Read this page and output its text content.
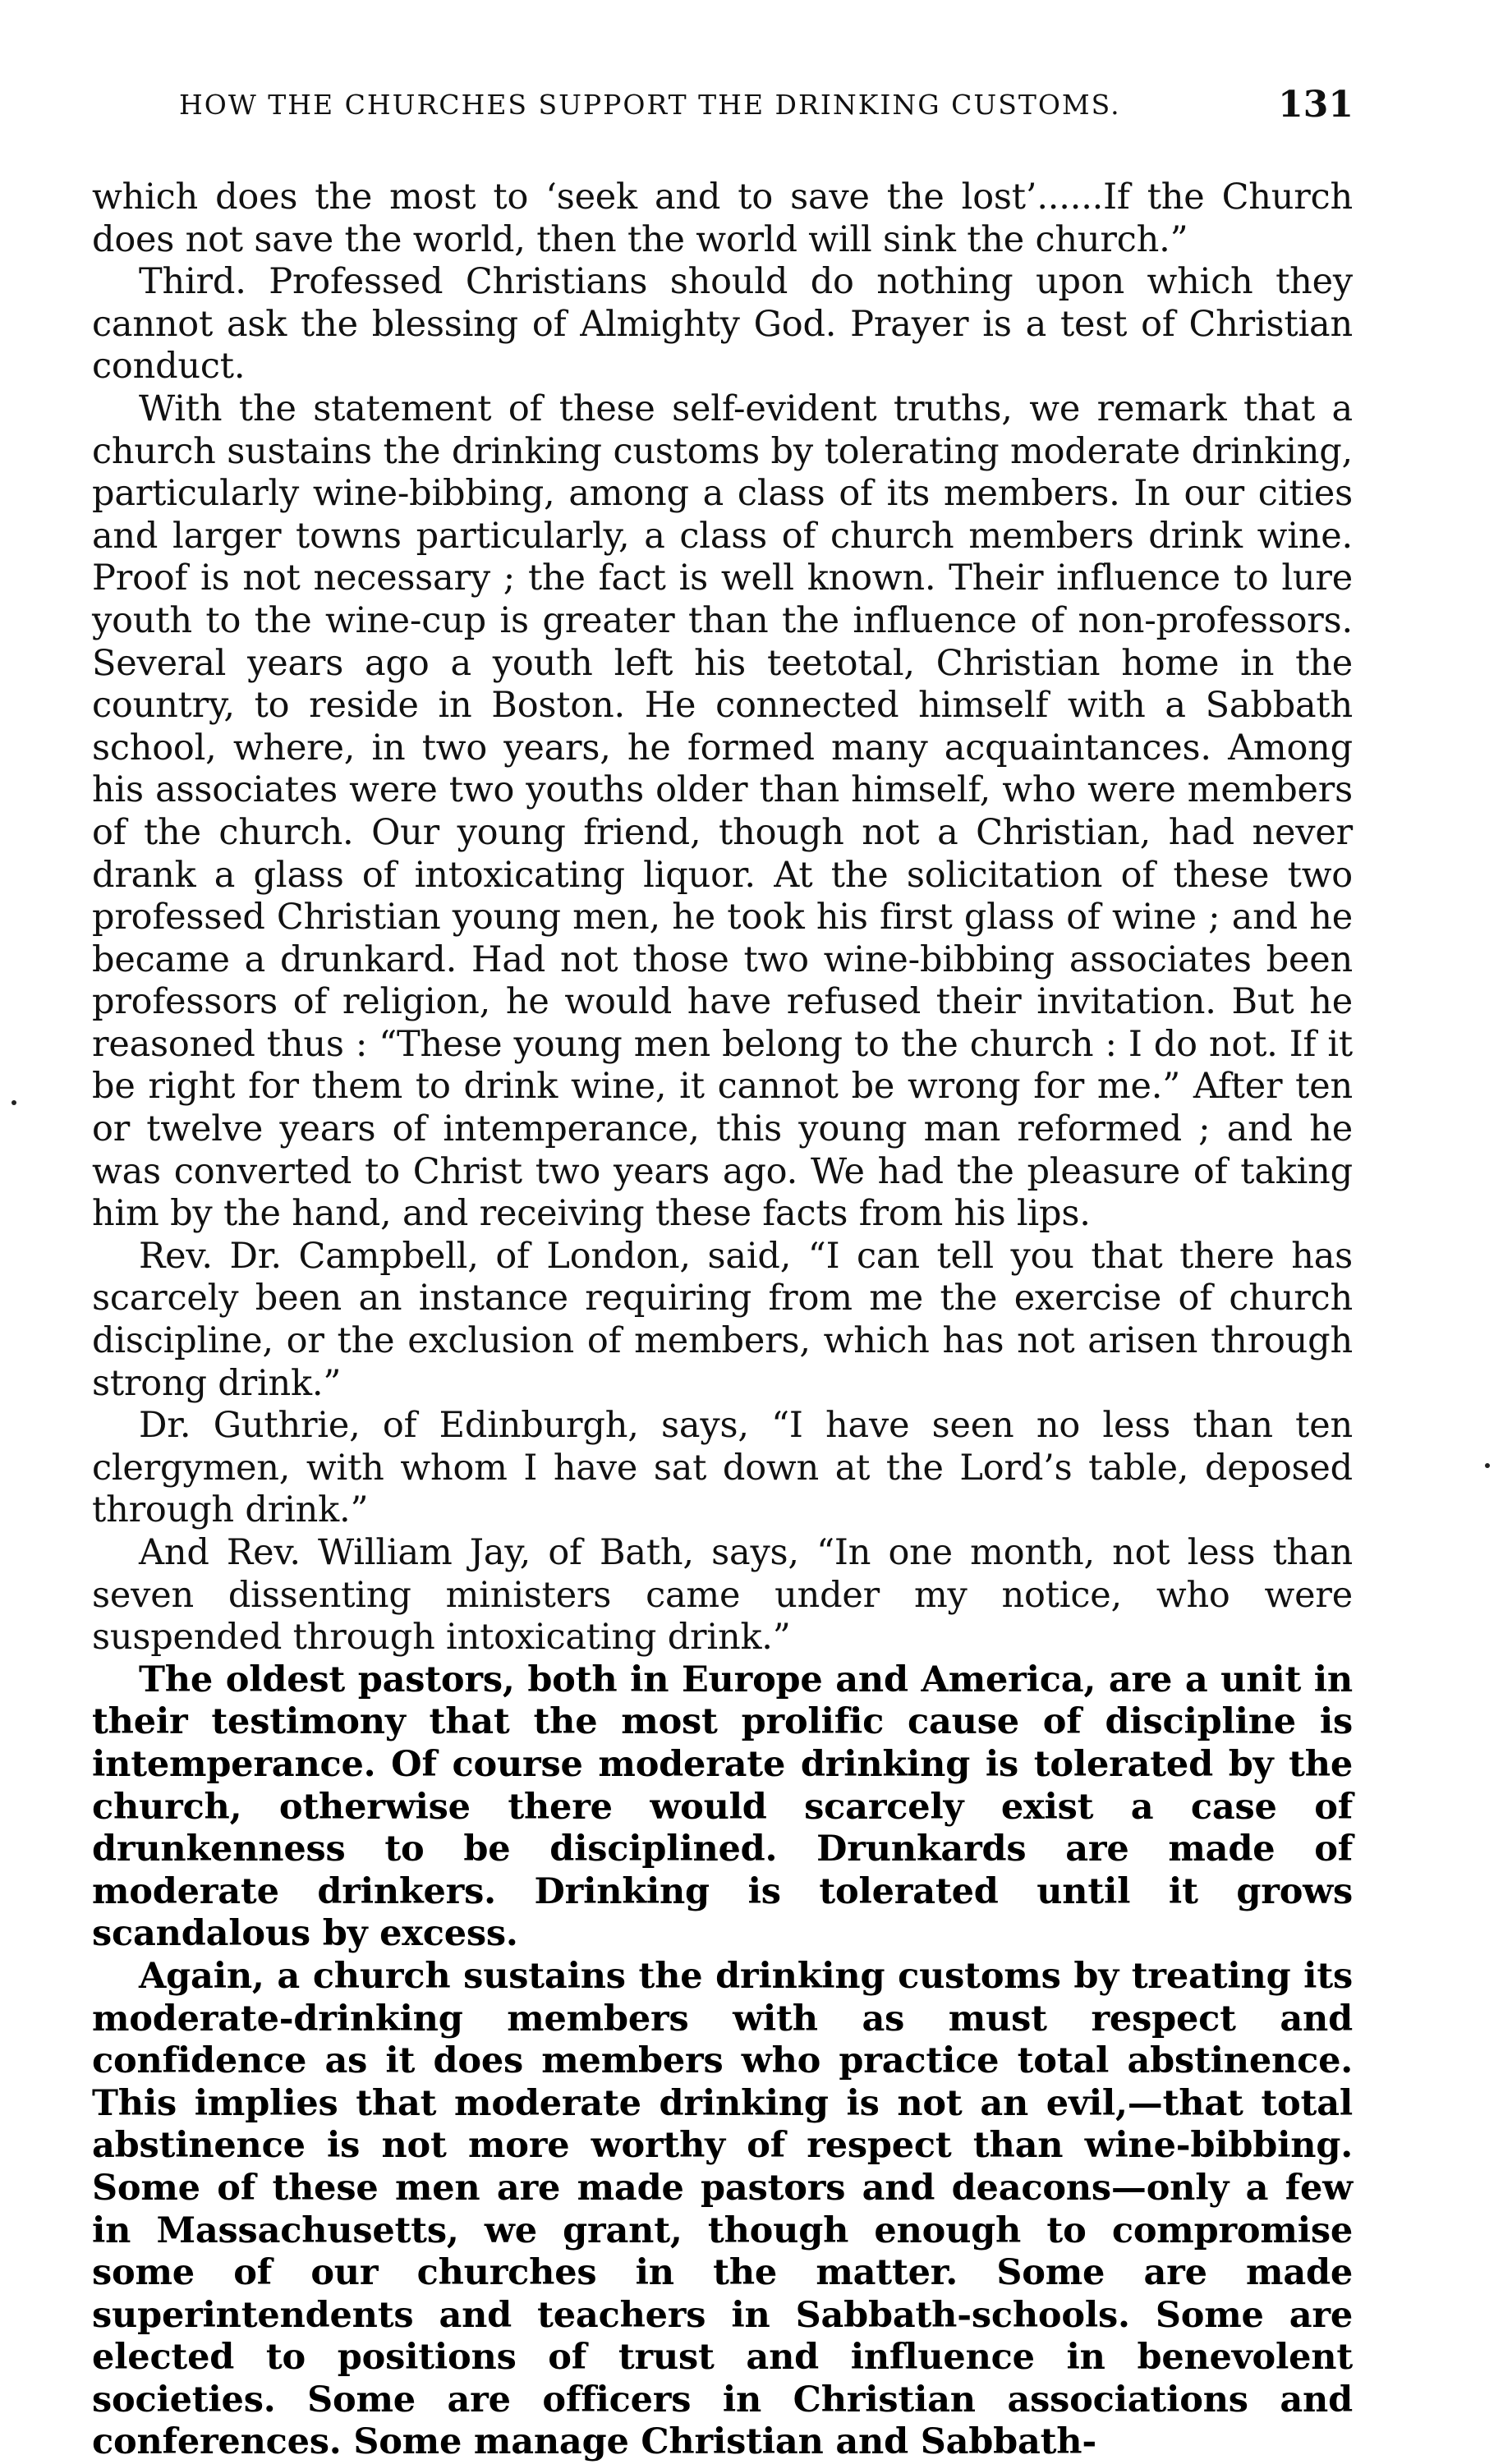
HOW THE CHURCHES SUPPORT THE DRINKING CUSTOMS.	131

which does the most to ‘seek and to save the lost’......If the Church does not save the world, then the world will sink the church.”

Third. Professed Christians should do nothing upon which they cannot ask the blessing of Almighty God. Prayer is a test of Christian conduct.

With the statement of these self-evident truths, we remark that a church sustains the drinking customs by tolerating moderate drinking, particularly wine-bibbing, among a class of its members. In our cities and larger towns particularly, a class of church members drink wine. Proof is not necessary ; the fact is well known. Their influence to lure youth to the wine-cup is greater than the influence of non-professors. Several years ago a youth left his teetotal, Christian home in the country, to reside in Boston. He connected himself with a Sabbath school, where, in two years, he formed many acquaintances. Among his associates were two youths older than himself, who were members of the church. Our young friend, though not a Christian, had never drank a glass of intoxicating liquor. At the solicitation of these two professed Christian young men, he took his first glass of wine ; and he became a drunkard. Had not those two wine-bibbing associates been professors of religion, he would have refused their invitation. But he reasoned thus : “These young men belong to the church : I do not. If it be right for them to drink wine, it cannot be wrong for me.” After ten or twelve years of intemperance, this young man reformed ; and he was converted to Christ two years ago. We had the pleasure of taking him by the hand, and receiving these facts from his lips.

Rev. Dr. Campbell, of London, said, “I can tell you that there has scarcely been an instance requiring from me the exercise of church discipline, or the exclusion of members, which has not arisen through strong drink.”

Dr. Guthrie, of Edinburgh, says, “I have seen no less than ten clergymen, with whom I have sat down at the Lord’s table, deposed through drink.”

And Rev. William Jay, of Bath, says, “In one month, not less than seven dissenting ministers came under my notice, who were suspended through intoxicating drink.”

The oldest pastors, both in Europe and America, are a unit in their testimony that the most prolific cause of discipline is intemperance. Of course moderate drinking is tolerated by the church, otherwise there would scarcely exist a case of drunkenness to be disciplined. Drunkards are made of moderate drinkers. Drinking is tolerated until it grows scandalous by excess.

Again, a church sustains the drinking customs by treating its moderate-drinking members with as must respect and confidence as it does members who practice total abstinence. This implies that moderate drinking is not an evil,—that total abstinence is not more worthy of respect than wine-bibbing. Some of these men are made pastors and deacons—only a few in Massachusetts, we grant, though enough to compromise some of our churches in the matter. Some are made superintendents and teachers in Sabbath-schools. Some are elected to positions of trust and influence in benevolent societies. Some are officers in Christian associations and conferences. Some manage Christian and Sabbath-
